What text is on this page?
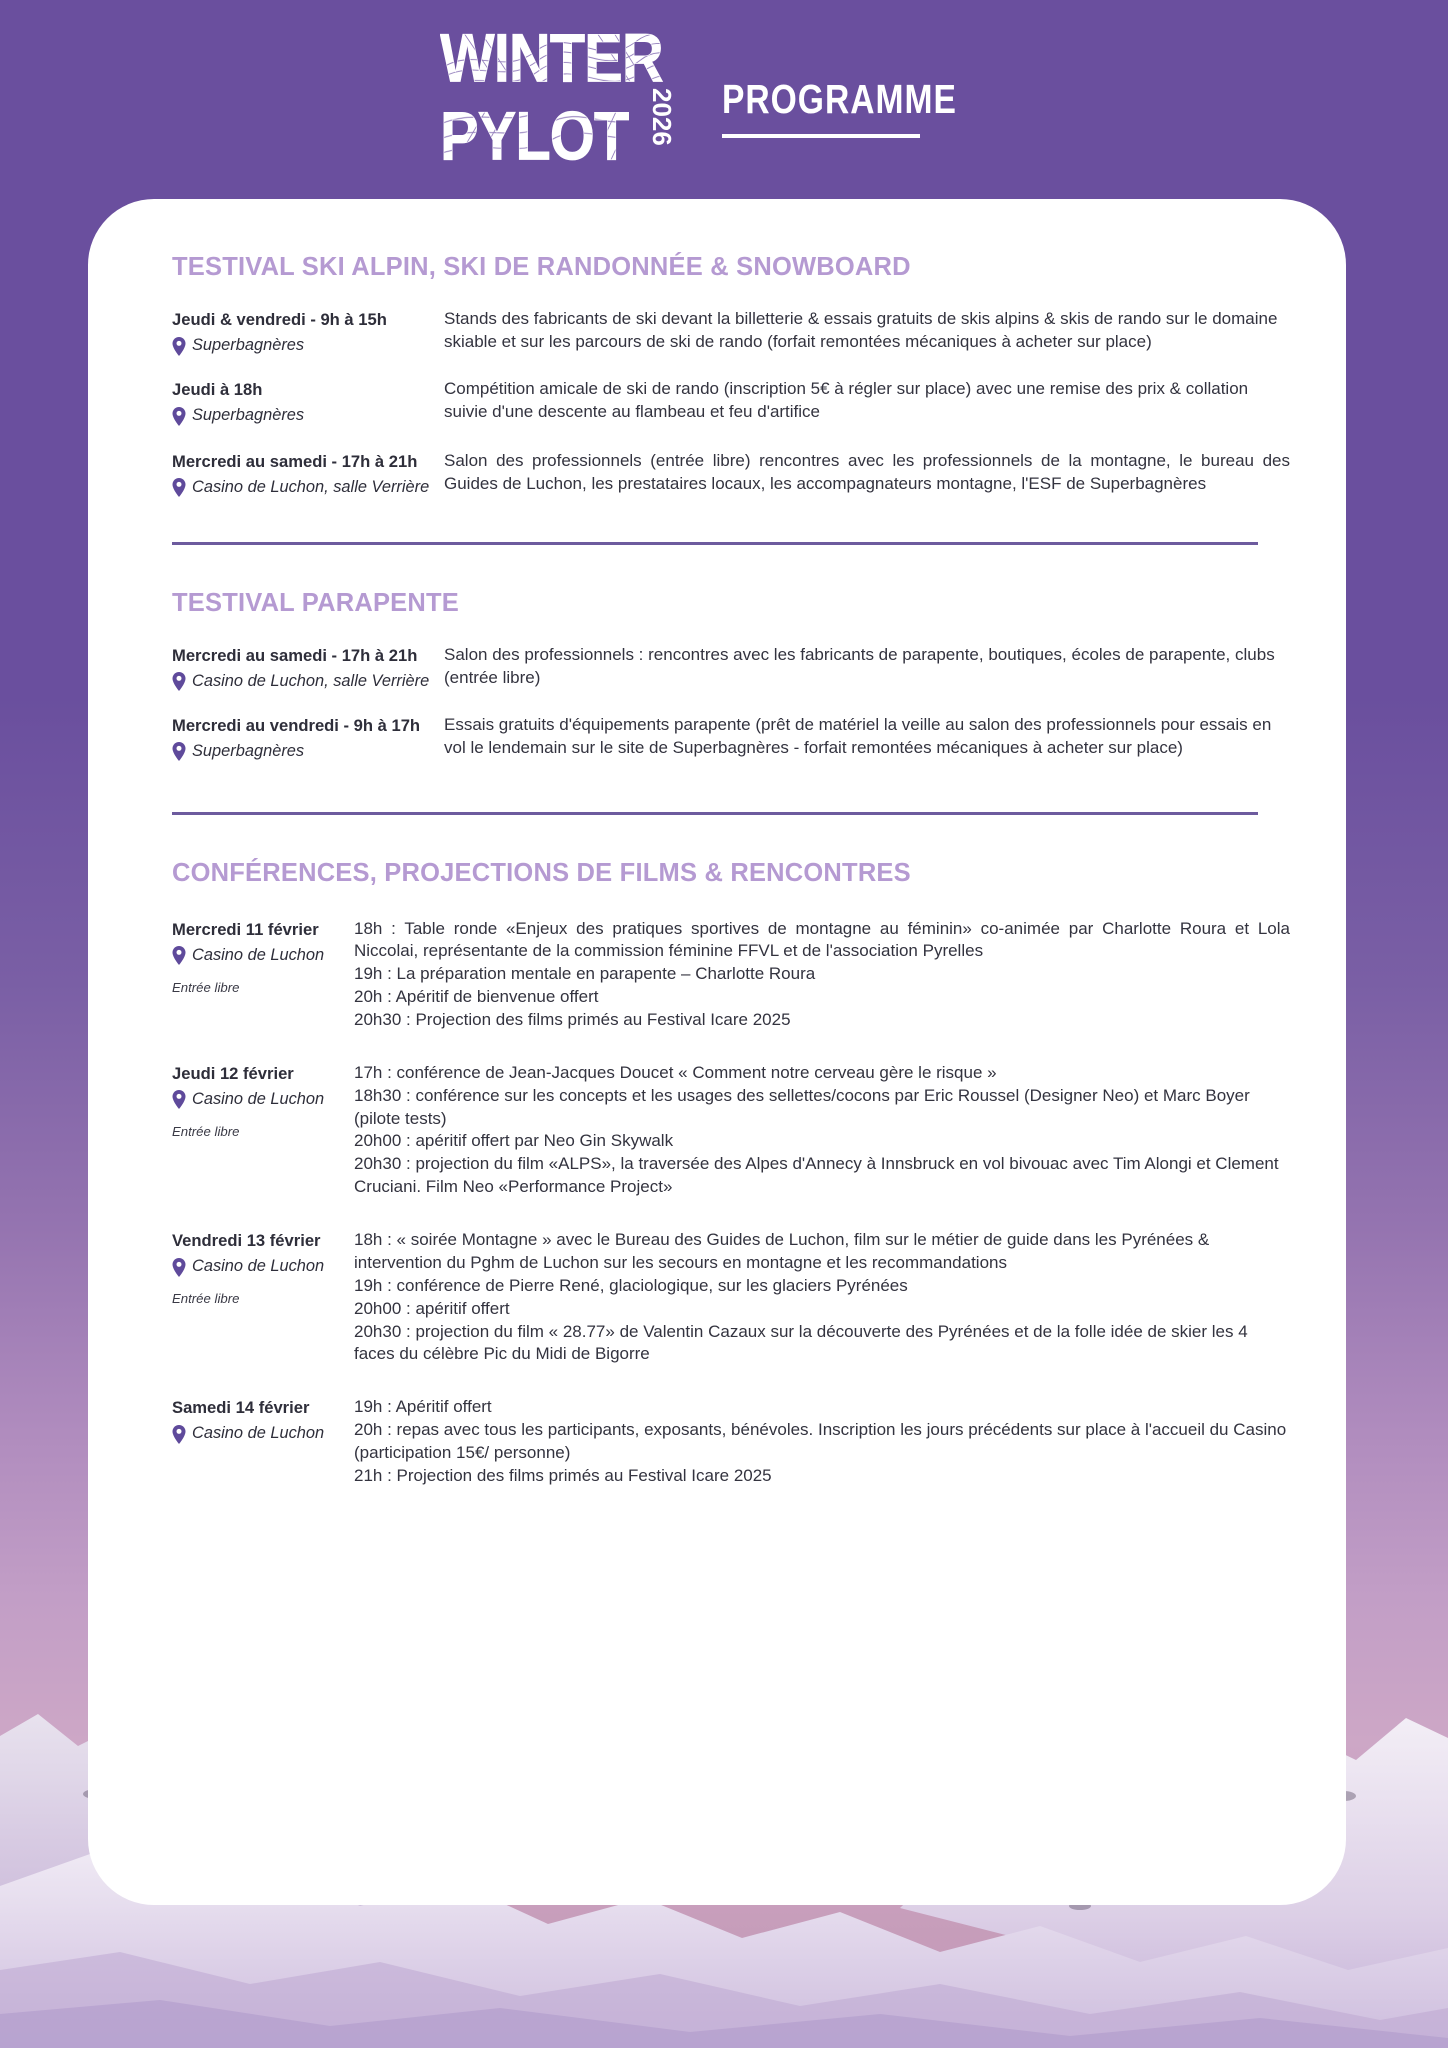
WINTER
PYLOT 2026 PROGRAMME
TESTIVAL SKI ALPIN, SKI DE RANDONNÉE & SNOWBOARD
Jeudi & vendredi - 9h à 15h
Superbagnères

Stands des fabricants de ski devant la billetterie & essais gratuits de skis alpins & skis de rando sur le domaine skiable et sur les parcours de ski de rando (forfait remontées mécaniques à acheter sur place)

Jeudi à 18h
Superbagnères

Compétition amicale de ski de rando (inscription 5€ à régler sur place) avec une remise des prix & collation suivie d'une descente au flambeau et feu d'artifice

Mercredi au samedi - 17h à 21h
Casino de Luchon, salle Verrière

Salon des professionnels (entrée libre) rencontres avec les professionnels de la montagne, le bureau des Guides de Luchon, les prestataires locaux, les accompagnateurs montagne, l'ESF de Superbagnères

TESTIVAL PARAPENTE
Mercredi au samedi - 17h à 21h
Casino de Luchon, salle Verrière

Salon des professionnels : rencontres avec les fabricants de parapente, boutiques, écoles de parapente, clubs (entrée libre)

Mercredi au vendredi - 9h à 17h
Superbagnères

Essais gratuits d'équipements parapente (prêt de matériel la veille au salon des professionnels pour essais en vol le lendemain sur le site de Superbagnères - forfait remontées mécaniques à acheter sur place)

CONFÉRENCES, PROJECTIONS DE FILMS & RENCONTRES
Mercredi 11 février
Casino de Luchon
Entrée libre

18h : Table ronde «Enjeux des pratiques sportives de montagne au féminin» co-animée par Charlotte Roura et Lola Niccolai, représentante de la commission féminine FFVL et de l'association Pyrelles

19h : La préparation mentale en parapente – Charlotte Roura

20h : Apéritif de bienvenue offert

20h30 : Projection des films primés au Festival Icare 2025

Jeudi 12 février
Casino de Luchon
Entrée libre

17h : conférence de Jean-Jacques Doucet « Comment notre cerveau gère le risque »

18h30 : conférence sur les concepts et les usages des sellettes/cocons par Eric Roussel (Designer Neo) et Marc Boyer (pilote tests)

20h00 : apéritif offert par Neo Gin Skywalk

20h30 : projection du film «ALPS», la traversée des Alpes d'Annecy à Innsbruck en vol bivouac avec Tim Alongi et Clement Cruciani. Film Neo «Performance Project»

Vendredi 13 février
Casino de Luchon
Entrée libre

18h : « soirée Montagne » avec le Bureau des Guides de Luchon, film sur le métier de guide dans les Pyrénées & intervention du Pghm de Luchon sur les secours en montagne et les recommandations

19h : conférence de Pierre René, glaciologique, sur les glaciers Pyrénées

20h00 : apéritif offert

20h30 : projection du film « 28.77» de Valentin Cazaux sur la découverte des Pyrénées et de la folle idée de skier les 4 faces du célèbre Pic du Midi de Bigorre

Samedi 14 février
Casino de Luchon

19h : Apéritif offert

20h : repas avec tous les participants, exposants, bénévoles. Inscription les jours précédents sur place à l'accueil du Casino (participation 15€/ personne)

21h : Projection des films primés au Festival Icare 2025
